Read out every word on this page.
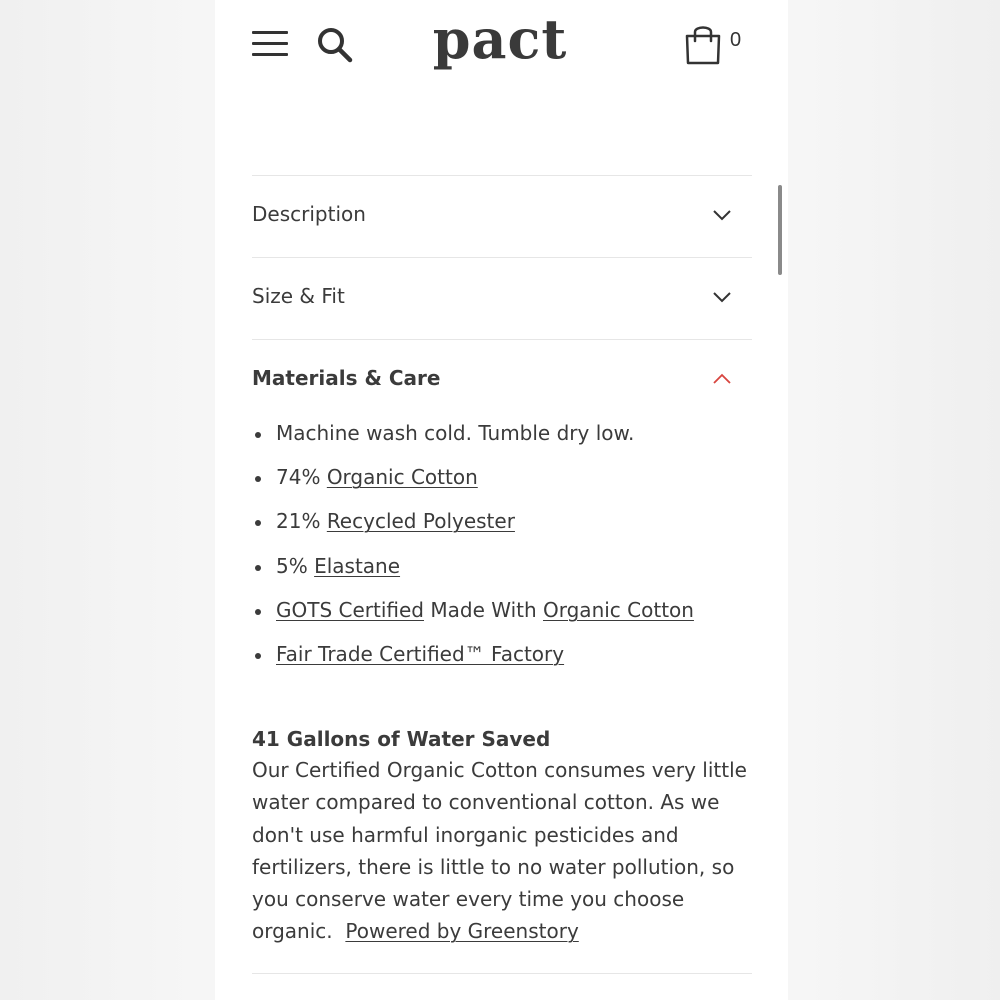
pact	0
Description
Size & Fit
Materials & Care
Machine wash cold. Tumble dry low.
74% Organic Cotton
21% Recycled Polyester
5% Elastane
GOTS Certified Made With Organic Cotton
Fair Trade Certified™ Factory
41 Gallons of Water Saved
Our Certified Organic Cotton consumes very little water compared to conventional cotton. As we don't use harmful inorganic pesticides and fertilizers, there is little to no water pollution, so you conserve water every time you choose organic. Powered by Greenstory
